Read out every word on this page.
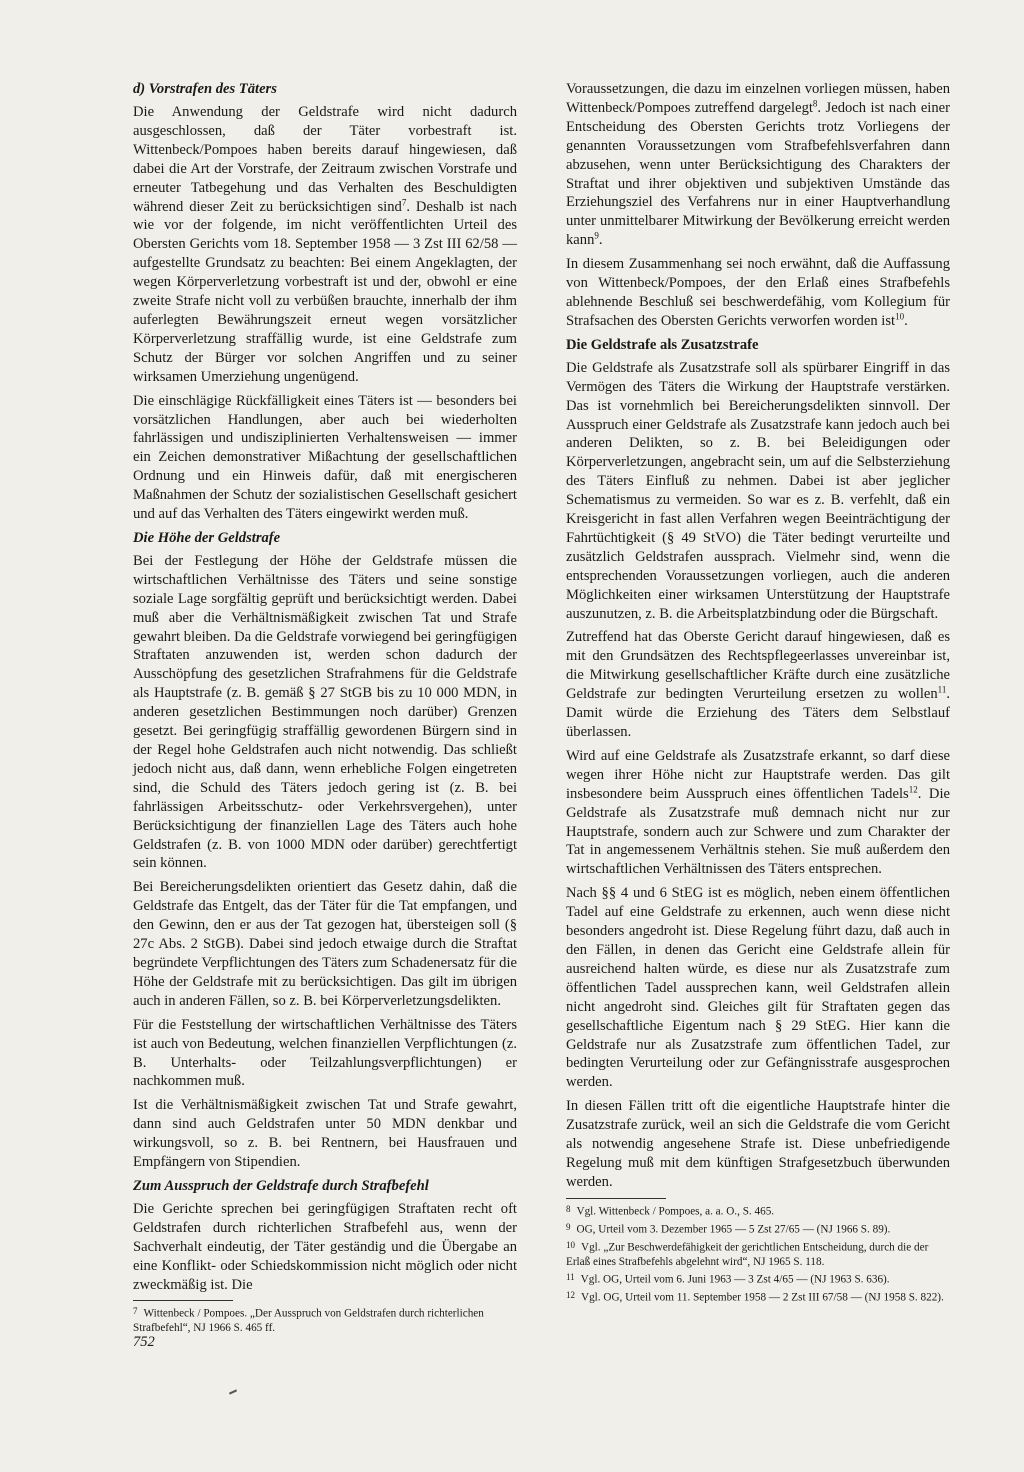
d) Vorstrafen des Täters

Die Anwendung der Geldstrafe wird nicht dadurch ausgeschlossen, daß der Täter vorbestraft ist. Wittenbeck/Pompoes haben bereits darauf hingewiesen, daß dabei die Art der Vorstrafe, der Zeitraum zwischen Vorstrafe und erneuter Tatbegehung und das Verhalten des Beschuldigten während dieser Zeit zu berücksichtigen sind$^7$. Deshalb ist nach wie vor der folgende, im nicht veröffentlichten Urteil des Obersten Gerichts vom 18. September 1958 — 3 Zst III 62/58 — aufgestellte Grundsatz zu beachten: Bei einem Angeklagten, der wegen Körperverletzung vorbestraft ist und der, obwohl er eine zweite Strafe nicht voll zu verbüßen brauchte, innerhalb der ihm auferlegten Bewährungszeit erneut wegen vorsätzlicher Körperverletzung straffällig wurde, ist eine Geldstrafe zum Schutz der Bürger vor solchen Angriffen und zu seiner wirksamen Umerziehung ungenügend.

Die einschlägige Rückfälligkeit eines Täters ist — besonders bei vorsätzlichen Handlungen, aber auch bei wiederholten fahrlässigen und undisziplinierten Verhaltensweisen — immer ein Zeichen demonstrativer Mißachtung der gesellschaftlichen Ordnung und ein Hinweis dafür, daß mit energischeren Maßnahmen der Schutz der sozialistischen Gesellschaft gesichert und auf das Verhalten des Täters eingewirkt werden muß.

Die Höhe der Geldstrafe

Bei der Festlegung der Höhe der Geldstrafe müssen die wirtschaftlichen Verhältnisse des Täters und seine sonstige soziale Lage sorgfältig geprüft und berücksichtigt werden. Dabei muß aber die Verhältnismäßigkeit zwischen Tat und Strafe gewahrt bleiben. Da die Geldstrafe vorwiegend bei geringfügigen Straftaten anzuwenden ist, werden schon dadurch der Ausschöpfung des gesetzlichen Strafrahmens für die Geldstrafe als Hauptstrafe (z. B. gemäß § 27 StGB bis zu 10 000 MDN, in anderen gesetzlichen Bestimmungen noch darüber) Grenzen gesetzt. Bei geringfügig straffällig gewordenen Bürgern sind in der Regel hohe Geldstrafen auch nicht notwendig. Das schließt jedoch nicht aus, daß dann, wenn erhebliche Folgen eingetreten sind, die Schuld des Täters jedoch gering ist (z. B. bei fahrlässigen Arbeitsschutz- oder Verkehrsvergehen), unter Berücksichtigung der finanziellen Lage des Täters auch hohe Geldstrafen (z. B. von 1000 MDN oder darüber) gerechtfertigt sein können.

Bei Bereicherungsdelikten orientiert das Gesetz dahin, daß die Geldstrafe das Entgelt, das der Täter für die Tat empfangen, und den Gewinn, den er aus der Tat gezogen hat, übersteigen soll (§ 27c Abs. 2 StGB). Dabei sind jedoch etwaige durch die Straftat begründete Verpflichtungen des Täters zum Schadenersatz für die Höhe der Geldstrafe mit zu berücksichtigen. Das gilt im übrigen auch in anderen Fällen, so z. B. bei Körperverletzungsdelikten.

Für die Feststellung der wirtschaftlichen Verhältnisse des Täters ist auch von Bedeutung, welchen finanziellen Verpflichtungen (z. B. Unterhalts- oder Teilzahlungsverpflichtungen) er nachkommen muß.

Ist die Verhältnismäßigkeit zwischen Tat und Strafe gewahrt, dann sind auch Geldstrafen unter 50 MDN denkbar und wirkungsvoll, so z. B. bei Rentnern, bei Hausfrauen und Empfängern von Stipendien.

Zum Ausspruch der Geldstrafe durch Strafbefehl

Die Gerichte sprechen bei geringfügigen Straftaten recht oft Geldstrafen durch richterlichen Strafbefehl aus, wenn der Sachverhalt eindeutig, der Täter geständig und die Übergabe an eine Konflikt- oder Schiedskommission nicht möglich oder nicht zweckmäßig ist. Die

$^7$ Wittenbeck / Pompoes. „Der Ausspruch von Geldstrafen durch richterlichen Strafbefehl“, NJ 1966 S. 465 ff.

Voraussetzungen, die dazu im einzelnen vorliegen müssen, haben Wittenbeck/Pompoes zutreffend dargelegt$^8$. Jedoch ist nach einer Entscheidung des Obersten Gerichts trotz Vorliegens der genannten Voraussetzungen vom Strafbefehlsverfahren dann abzusehen, wenn unter Berücksichtigung des Charakters der Straftat und ihrer objektiven und subjektiven Umstände das Erziehungsziel des Verfahrens nur in einer Hauptverhandlung unter unmittelbarer Mitwirkung der Bevölkerung erreicht werden kann$^9$.

In diesem Zusammenhang sei noch erwähnt, daß die Auffassung von Wittenbeck/Pompoes, der den Erlaß eines Strafbefehls ablehnende Beschluß sei beschwerdefähig, vom Kollegium für Strafsachen des Obersten Gerichts verworfen worden ist$^{10}$.

Die Geldstrafe als Zusatzstrafe

Die Geldstrafe als Zusatzstrafe soll als spürbarer Eingriff in das Vermögen des Täters die Wirkung der Hauptstrafe verstärken. Das ist vornehmlich bei Bereicherungsdelikten sinnvoll. Der Ausspruch einer Geldstrafe als Zusatzstrafe kann jedoch auch bei anderen Delikten, so z. B. bei Beleidigungen oder Körperverletzungen, angebracht sein, um auf die Selbsterziehung des Täters Einfluß zu nehmen. Dabei ist aber jeglicher Schematismus zu vermeiden. So war es z. B. verfehlt, daß ein Kreisgericht in fast allen Verfahren wegen Beeinträchtigung der Fahrtüchtigkeit (§ 49 StVO) die Täter bedingt verurteilte und zusätzlich Geldstrafen aussprach. Vielmehr sind, wenn die entsprechenden Voraussetzungen vorliegen, auch die anderen Möglichkeiten einer wirksamen Unterstützung der Hauptstrafe auszunutzen, z. B. die Arbeitsplatzbindung oder die Bürgschaft.

Zutreffend hat das Oberste Gericht darauf hingewiesen, daß es mit den Grundsätzen des Rechtspflegeerlasses unvereinbar ist, die Mitwirkung gesellschaftlicher Kräfte durch eine zusätzliche Geldstrafe zur bedingten Verurteilung ersetzen zu wollen$^{11}$. Damit würde die Erziehung des Täters dem Selbstlauf überlassen.

Wird auf eine Geldstrafe als Zusatzstrafe erkannt, so darf diese wegen ihrer Höhe nicht zur Hauptstrafe werden. Das gilt insbesondere beim Ausspruch eines öffentlichen Tadels$^{12}$. Die Geldstrafe als Zusatzstrafe muß demnach nicht nur zur Hauptstrafe, sondern auch zur Schwere und zum Charakter der Tat in angemessenem Verhältnis stehen. Sie muß außerdem den wirtschaftlichen Verhältnissen des Täters entsprechen.

Nach §§ 4 und 6 StEG ist es möglich, neben einem öffentlichen Tadel auf eine Geldstrafe zu erkennen, auch wenn diese nicht besonders angedroht ist. Diese Regelung führt dazu, daß auch in den Fällen, in denen das Gericht eine Geldstrafe allein für ausreichend halten würde, es diese nur als Zusatzstrafe zum öffentlichen Tadel aussprechen kann, weil Geldstrafen allein nicht angedroht sind. Gleiches gilt für Straftaten gegen das gesellschaftliche Eigentum nach § 29 StEG. Hier kann die Geldstrafe nur als Zusatzstrafe zum öffentlichen Tadel, zur bedingten Verurteilung oder zur Gefängnisstrafe ausgesprochen werden.

In diesen Fällen tritt oft die eigentliche Hauptstrafe hinter die Zusatzstrafe zurück, weil an sich die Geldstrafe die vom Gericht als notwendig angesehene Strafe ist. Diese unbefriedigende Regelung muß mit dem künftigen Strafgesetzbuch überwunden werden.

$^8$ Vgl. Wittenbeck / Pompoes, a. a. O., S. 465.

$^9$ OG, Urteil vom 3. Dezember 1965 — 5 Zst 27/65 — (NJ 1966 S. 89).

$^{10}$ Vgl. „Zur Beschwerdefähigkeit der gerichtlichen Entscheidung, durch die der Erlaß eines Strafbefehls abgelehnt wird“, NJ 1965 S. 118.

$^{11}$ Vgl. OG, Urteil vom 6. Juni 1963 — 3 Zst 4/65 — (NJ 1963 S. 636).

$^{12}$ Vgl. OG, Urteil vom 11. September 1958 — 2 Zst III 67/58 — (NJ 1958 S. 822).

752
